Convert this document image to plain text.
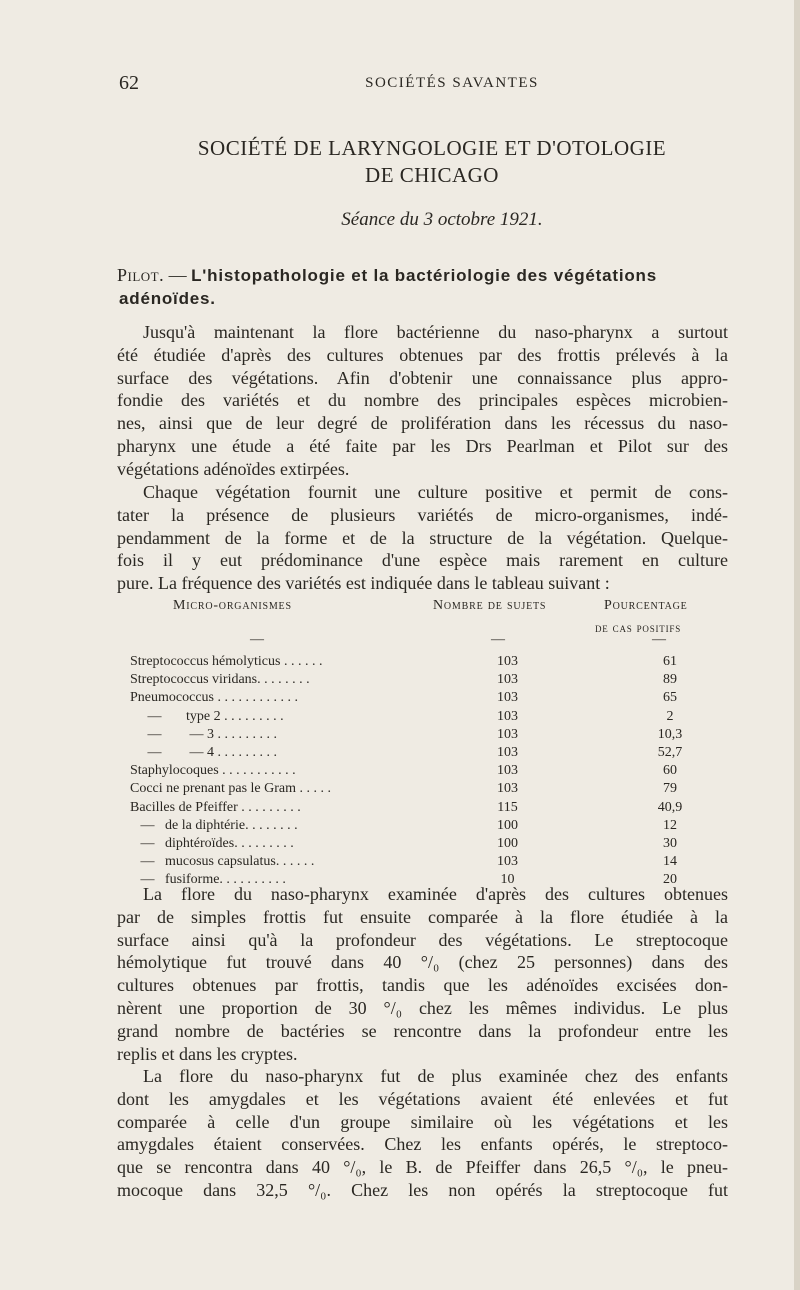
62	SOCIÉTÉS SAVANTES
SOCIÉTÉ DE LARYNGOLOGIE ET D'OTOLOGIE
DE CHICAGO
Séance du 3 octobre 1921.
Pilot. — L'histopathologie et la bactériologie des végétations
adénoïdes.
Jusqu'à maintenant la flore bactérienne du naso-pharynx a surtout
été étudiée d'après des cultures obtenues par des frottis prélevés à la
surface des végétations. Afin d'obtenir une connaissance plus appro-
fondie des variétés et du nombre des principales espèces microbien-
nes, ainsi que de leur degré de prolifération dans les récessus du naso-
pharynx une étude a été faite par les Drs Pearlman et Pilot sur des
végétations adénoïdes extirpées.
Chaque végétation fournit une culture positive et permit de cons-
tater la présence de plusieurs variétés de micro-organismes, indé-
pendamment de la forme et de la structure de la végétation. Quelque-
fois il y eut prédominance d'une espèce mais rarement en culture
pure. La fréquence des variétés est indiquée dans le tableau suivant :
Micro-organismes	Nombre de sujets	Pourcentage
de cas positifs
—	—	—
Streptococcus hémolyticus . . . . . .	103	61
Streptococcus viridans. . . . . . . .	103	89
Pneumococcus . . . . . . . . . . . .	103	65
—       type 2 . . . . . . . . .	103	2
—        — 3 . . . . . . . . .	103	10,3
—        — 4 . . . . . . . . .	103	52,7
Staphylocoques . . . . . . . . . . .	103	60
Cocci ne prenant pas le Gram . . . . .	103	79
Bacilles de Pfeiffer . . . . . . . . .	115	40,9
—   de la diphtérie. . . . . . . .	100	12
—   diphtéroïdes. . . . . . . . .	100	30
—   mucosus capsulatus. . . . . .	103	14
—   fusiforme. . . . . . . . . .	10	20
La flore du naso-pharynx examinée d'après des cultures obtenues
par de simples frottis fut ensuite comparée à la flore étudiée à la
surface ainsi qu'à la profondeur des végétations. Le streptocoque
hémolytique fut trouvé dans 40 °/₀ (chez 25 personnes) dans des
cultures obtenues par frottis, tandis que les adénoïdes excisées don-
nèrent une proportion de 30 °/₀ chez les mêmes individus. Le plus
grand nombre de bactéries se rencontre dans la profondeur entre les
replis et dans les cryptes.
La flore du naso-pharynx fut de plus examinée chez des enfants
dont les amygdales et les végétations avaient été enlevées et fut
comparée à celle d'un groupe similaire où les végétations et les
amygdales étaient conservées. Chez les enfants opérés, le streptoco-
que se rencontra dans 40 °/₀, le B. de Pfeiffer dans 26,5 °/₀, le pneu-
mocoque dans 32,5 °/₀. Chez les non opérés la streptocoque fut
